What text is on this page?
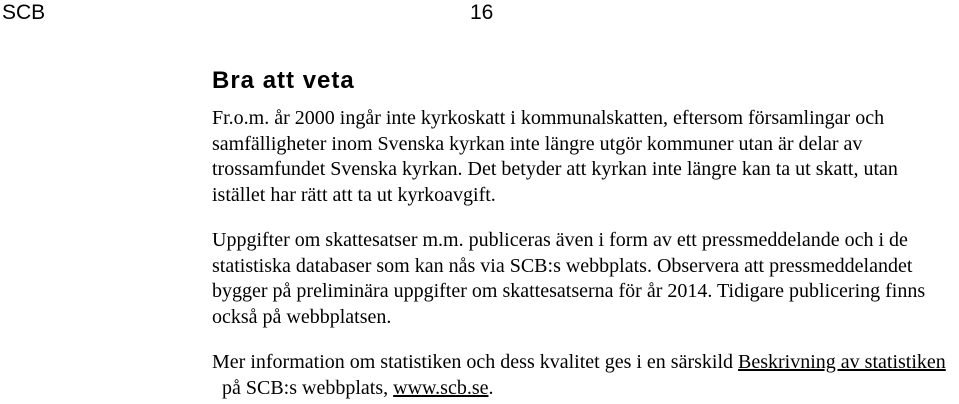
SCB	16
Bra att veta

Fr.o.m. år 2000 ingår inte kyrkoskatt i kommunalskatten, eftersom församlingar och samfälligheter inom Svenska kyrkan inte längre utgör kommuner utan är delar av trossamfundet Svenska kyrkan. Det betyder att kyrkan inte längre kan ta ut skatt, utan istället har rätt att ta ut kyrkoavgift.

Uppgifter om skattesatser m.m. publiceras även i form av ett pressmeddelande och i de statistiska databaser som kan nås via SCB:s webbplats. Observera att pressmeddelandet bygger på preliminära uppgifter om skattesatserna för år 2014. Tidigare publicering finns också på webbplatsen.

Mer information om statistiken och dess kvalitet ges i en särskild Beskrivning av statistiken  på SCB:s webbplats, www.scb.se.
